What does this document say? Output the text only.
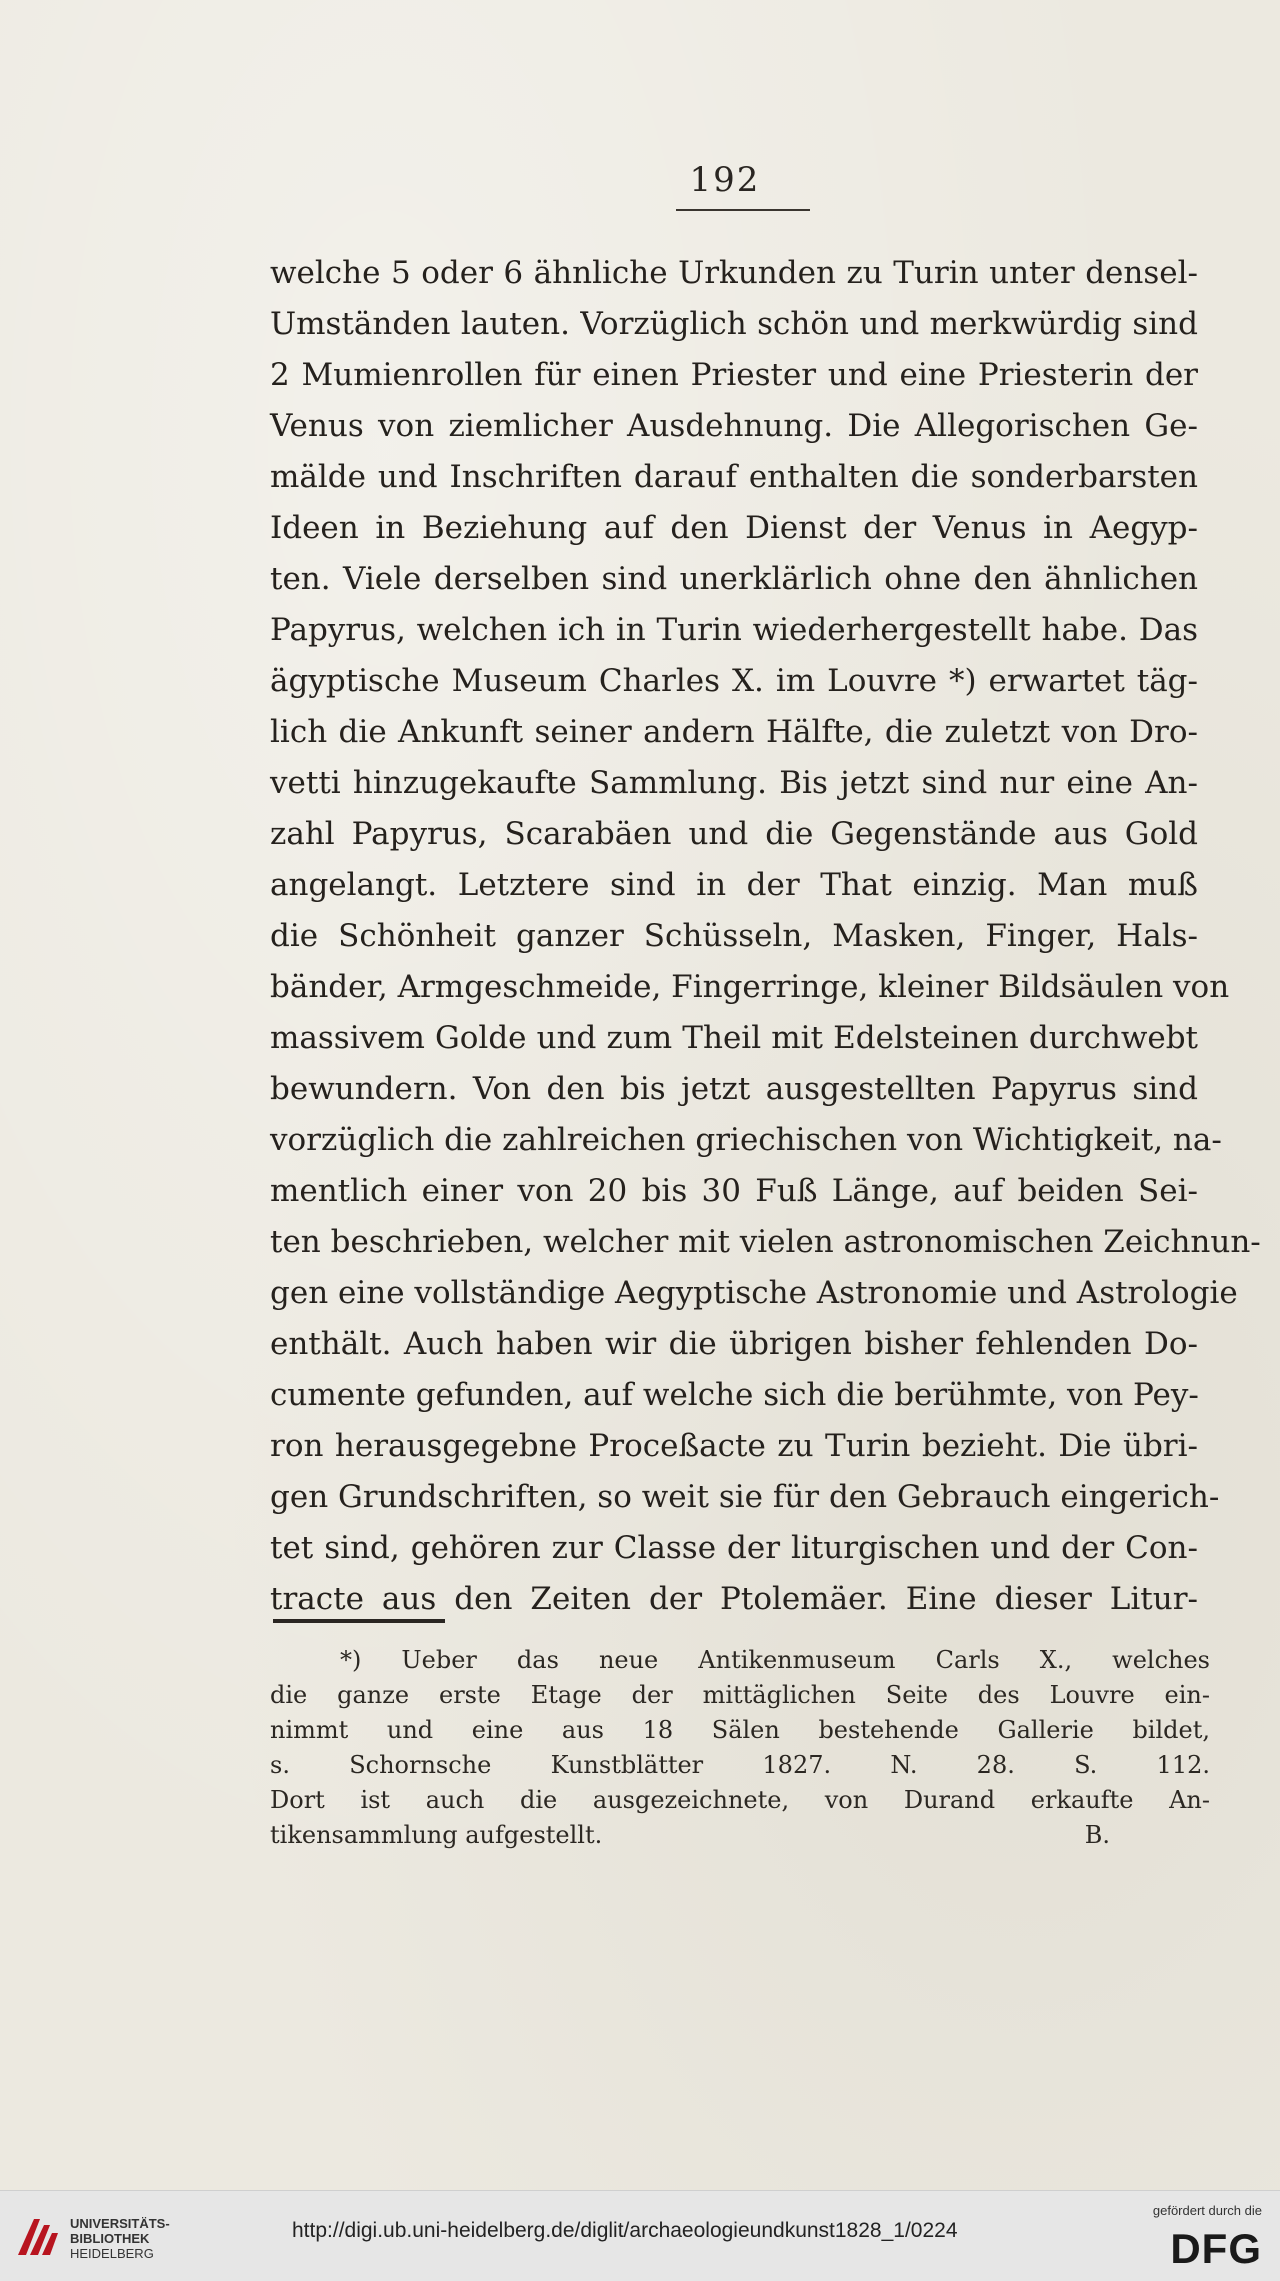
192
welche 5 oder 6 ähnliche Urkunden zu Turin unter densel-
Umständen lauten. Vorzüglich schön und merkwürdig sind
2 Mumienrollen für einen Priester und eine Priesterin der
Venus von ziemlicher Ausdehnung. Die Allegorischen Ge-
mälde und Inschriften darauf enthalten die sonderbarsten
Ideen in Beziehung auf den Dienst der Venus in Aegyp-
ten. Viele derselben sind unerklärlich ohne den ähnlichen
Papyrus, welchen ich in Turin wiederhergestellt habe. Das
ägyptische Museum Charles X. im Louvre *) erwartet täg-
lich die Ankunft seiner andern Hälfte, die zuletzt von Dro-
vetti hinzugekaufte Sammlung. Bis jetzt sind nur eine An-
zahl Papyrus, Scarabäen und die Gegenstände aus Gold
angelangt. Letztere sind in der That einzig. Man muß
die Schönheit ganzer Schüsseln, Masken, Finger, Hals-
bänder, Armgeschmeide, Fingerringe, kleiner Bildsäulen von
massivem Golde und zum Theil mit Edelsteinen durchwebt
bewundern. Von den bis jetzt ausgestellten Papyrus sind
vorzüglich die zahlreichen griechischen von Wichtigkeit, na-
mentlich einer von 20 bis 30 Fuß Länge, auf beiden Sei-
ten beschrieben, welcher mit vielen astronomischen Zeichnun-
gen eine vollständige Aegyptische Astronomie und Astrologie
enthält. Auch haben wir die übrigen bisher fehlenden Do-
cumente gefunden, auf welche sich die berühmte, von Pey-
ron herausgegebne Proceßacte zu Turin bezieht. Die übri-
gen Grundschriften, so weit sie für den Gebrauch eingerich-
tet sind, gehören zur Classe der liturgischen und der Con-
tracte aus den Zeiten der Ptolemäer. Eine dieser Litur-
*) Ueber das neue Antikenmuseum Carls X., welches
die ganze erste Etage der mittäglichen Seite des Louvre ein-
nimmt und eine aus 18 Sälen bestehende Gallerie bildet,
s. Schornsche Kunstblätter 1827. N. 28. S. 112.
Dort ist auch die ausgezeichnete, von Durand erkaufte An-
tikensammlung aufgestellt.	B.
UNIVERSITÄTS-
BIBLIOTHEK
HEIDELBERG
http://digi.ub.uni-heidelberg.de/diglit/archaeologieundkunst1828_1/0224
gefördert durch die
DFG
